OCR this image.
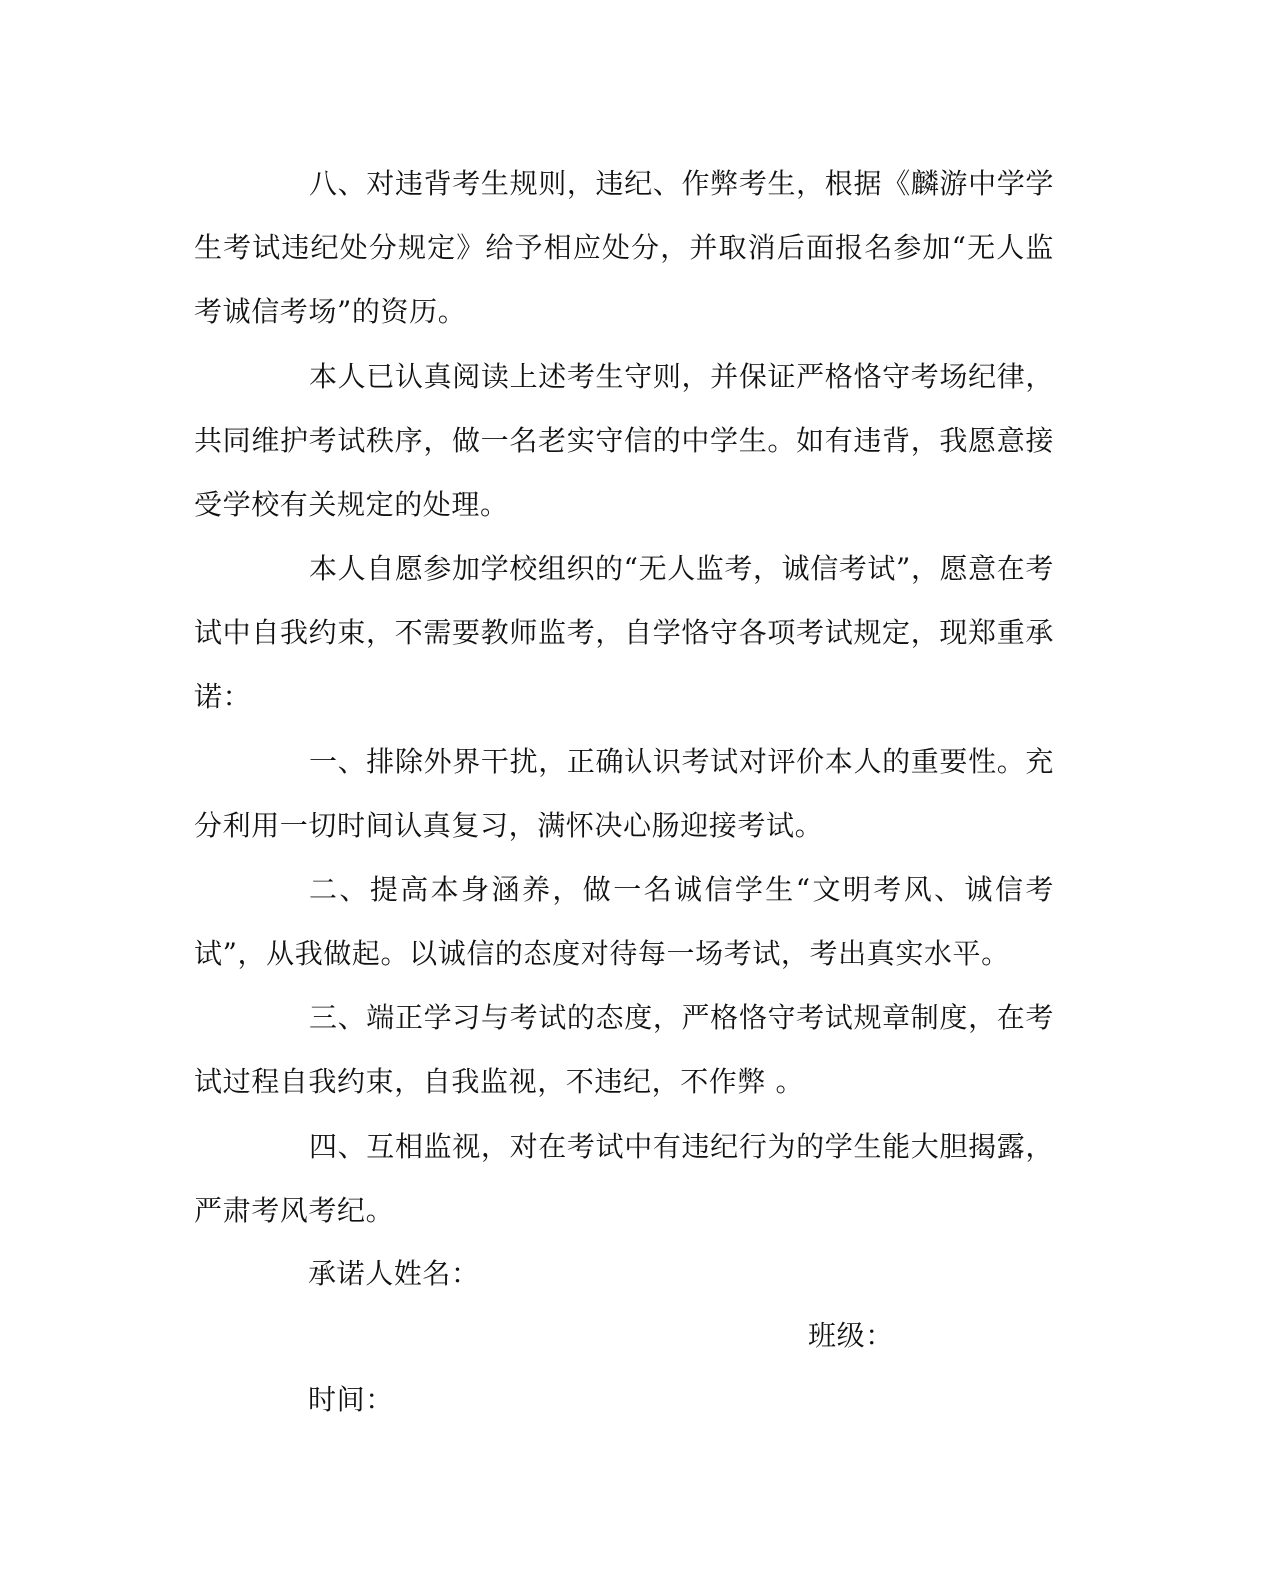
八、对违背考生规则，违纪、作弊考生，根据《麟游中学学生考试违纪处分规定》给予相应处分，并取消后面报名参加“无人监考诚信考场”的资历。

本人已认真阅读上述考生守则，并保证严格恪守考场纪律，共同维护考试秩序，做一名老实守信的中学生。如有违背，我愿意接受学校有关规定的处理。

本人自愿参加学校组织的“无人监考，诚信考试”，愿意在考试中自我约束，不需要教师监考，自学恪守各项考试规定，现郑重承诺：

一、排除外界干扰，正确认识考试对评价本人的重要性。充分利用一切时间认真复习，满怀决心肠迎接考试。

二、提高本身涵养，做一名诚信学生“文明考风、诚信考试”，从我做起。以诚信的态度对待每一场考试，考出真实水平。

三、端正学习与考试的态度，严格恪守考试规章制度，在考试过程自我约束，自我监视，不违纪，不作弊 。

四、互相监视，对在考试中有违纪行为的学生能大胆揭露，严肃考风考纪。

承诺人姓名：
班级：
时间：
